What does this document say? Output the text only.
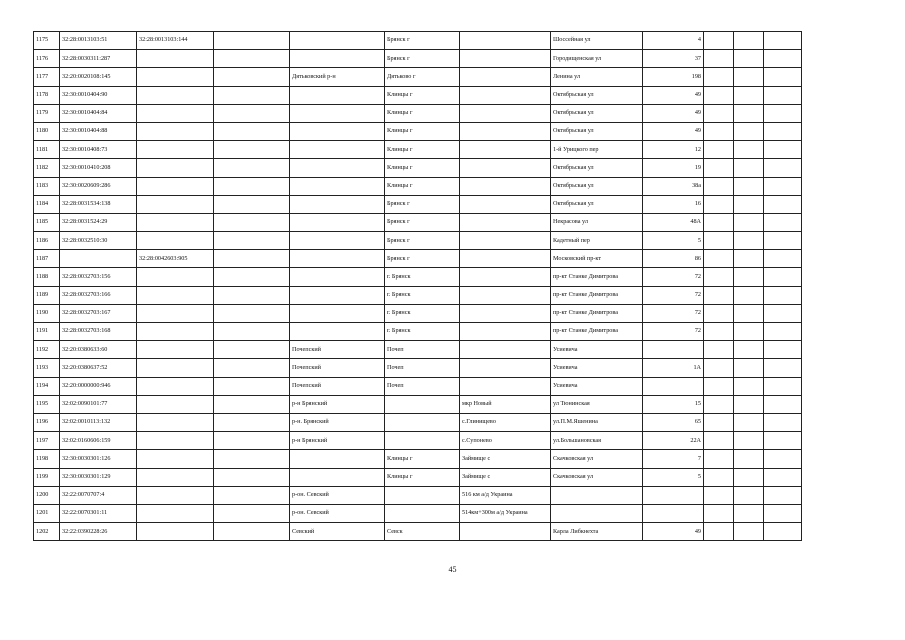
1175	32:28:0013103:51	32:28:0013103:144			Брянск г		Шоссейная ул	4			
1176	32:28:0030311:287				Брянск г		Городищенская ул	37			
1177	32:20:0020108:145			Дятьковский р-н	Дятьково г		Ленина ул	198			
1178	32:30:0010404:90				Клинцы г		Октябрьская ул	49			
1179	32:30:0010404:84				Клинцы г		Октябрьская ул	49			
1180	32:30:0010404:88				Клинцы г		Октябрьская ул	49			
1181	32:30:0010408:73				Клинцы г		1-й Урицкого пер	12			
1182	32:30:0010410:208				Клинцы г		Октябрьская ул	19			
1183	32:30:0020609:286				Клинцы г		Октябрьская ул	38а			
1184	32:28:0031534:138				Брянск г		Октябрьская ул	16			
1185	32:28:0031524:29				Брянск г		Некрасова ул	48А			
1186	32:28:0032510:30				Брянск г		Кадетный пер	5			
1187		32:28:0042603:905			Брянск г		Московский пр-кт	86			
1188	32:28:0032703:156				г. Брянск		пр-кт Станке Димитрова	72			
1189	32:28:0032703:166				г. Брянск		пр-кт Станке Димитрова	72			
1190	32:28:0032703:167				г. Брянск		пр-кт Станке Димитрова	72			
1191	32:28:0032703:168				г. Брянск		пр-кт Станке Димитрова	72			
1192	32:20:0380633:60			Почепский	Почеп		Усиевича				
1193	32:20:0380637:52			Почепский	Почеп		Усиевича	1А			
1194	32:20:0000000:946			Почепский	Почеп		Усиевича				
1195	32:02:0090101:77			р-н Брянский		мкр Новый	ул Тюнинская	15			
1196	32:02:0010113:132			р-н. Брянский		с.Глинищево	ул.П.М.Яшенина	65			
1197	32:02:0160606:159			р-н Брянский		с.Супонево	ул.Большановская	22А			
1198	32:30:0030301:126				Клинцы г	Займище с	Скачковская ул	7			
1199	32:30:0030301:129				Клинцы г	Займище с	Скачковская ул	5			
1200	32:22:0070707:4			р-он. Севский		516 км а/д Украина					
1201	32:22:0070301:11			р-он. Севский		514км+300м а/д Украина					
1202	32:22:0390228:26			Севский	Севск		Карла Либкнехта	49			
45
